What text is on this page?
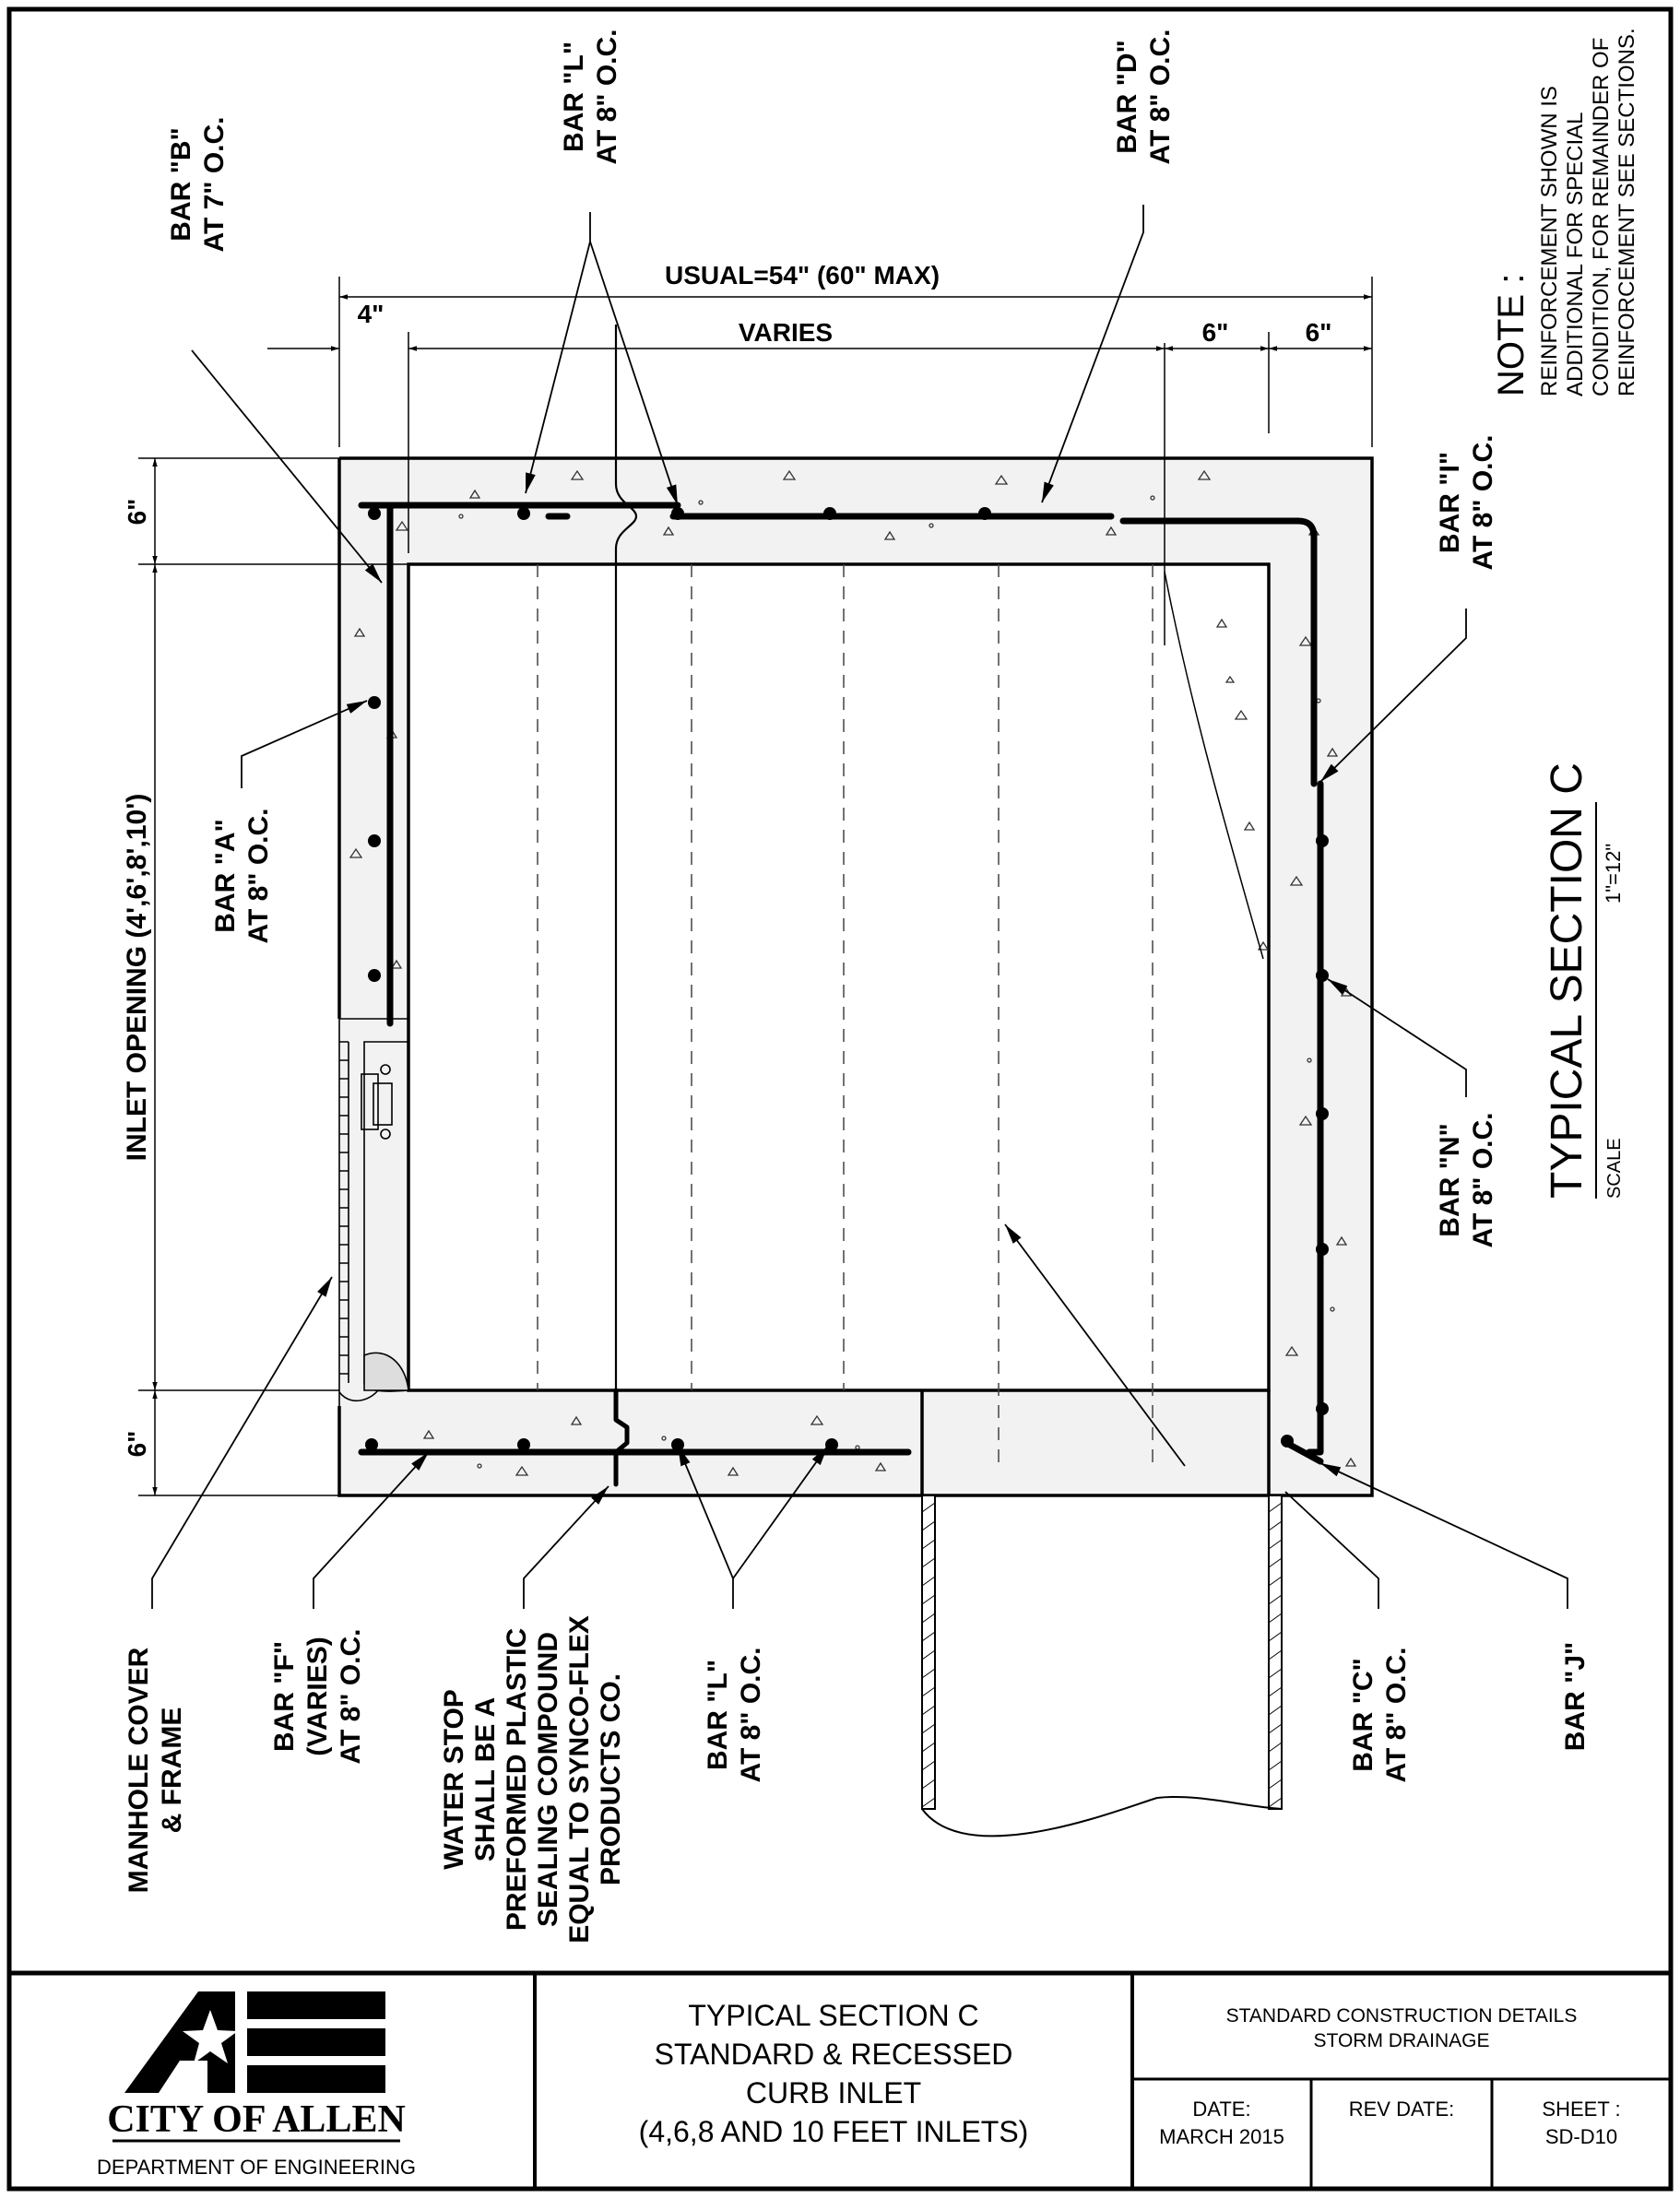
USUAL=54" (60" MAX)
VARIES
4"
6"	6"
6"
6"
INLET OPENING (4',6',8',10')
BAR "B" AT 7" O.C.
BAR "L" AT 8" O.C.	BAR "D" AT 8" O.C.
BAR "I" AT 8" O.C.
BAR "A" AT 8" O.C.
BAR "N" AT 8" O.C.
MANHOLE COVER & FRAME
BAR "F" (VARIES) AT 8" O.C.	WATER STOP SHALL BE A PREFORMED PLASTIC SEALING COMPOUND EQUAL TO SYNCO-FLEX PRODUCTS CO.	BAR "L" AT 8" O.C.	BAR "C" AT 8" O.C.	BAR "J"
NOTE : REINFORCEMENT SHOWN IS ADDITIONAL FOR SPECIAL CONDITION, FOR REMAINDER OF REINFORCEMENT SEE SECTIONS.
TYPICAL SECTION C SCALE
1"=12"
CITY OF ALLEN
DEPARTMENT OF ENGINEERING
TYPICAL SECTION C
STANDARD & RECESSED
CURB INLET
(4,6,8 AND 10 FEET INLETS)
STANDARD CONSTRUCTION DETAILS
STORM DRAINAGE
DATE:
MARCH 2015
REV DATE:	SHEET :
SD-D10
